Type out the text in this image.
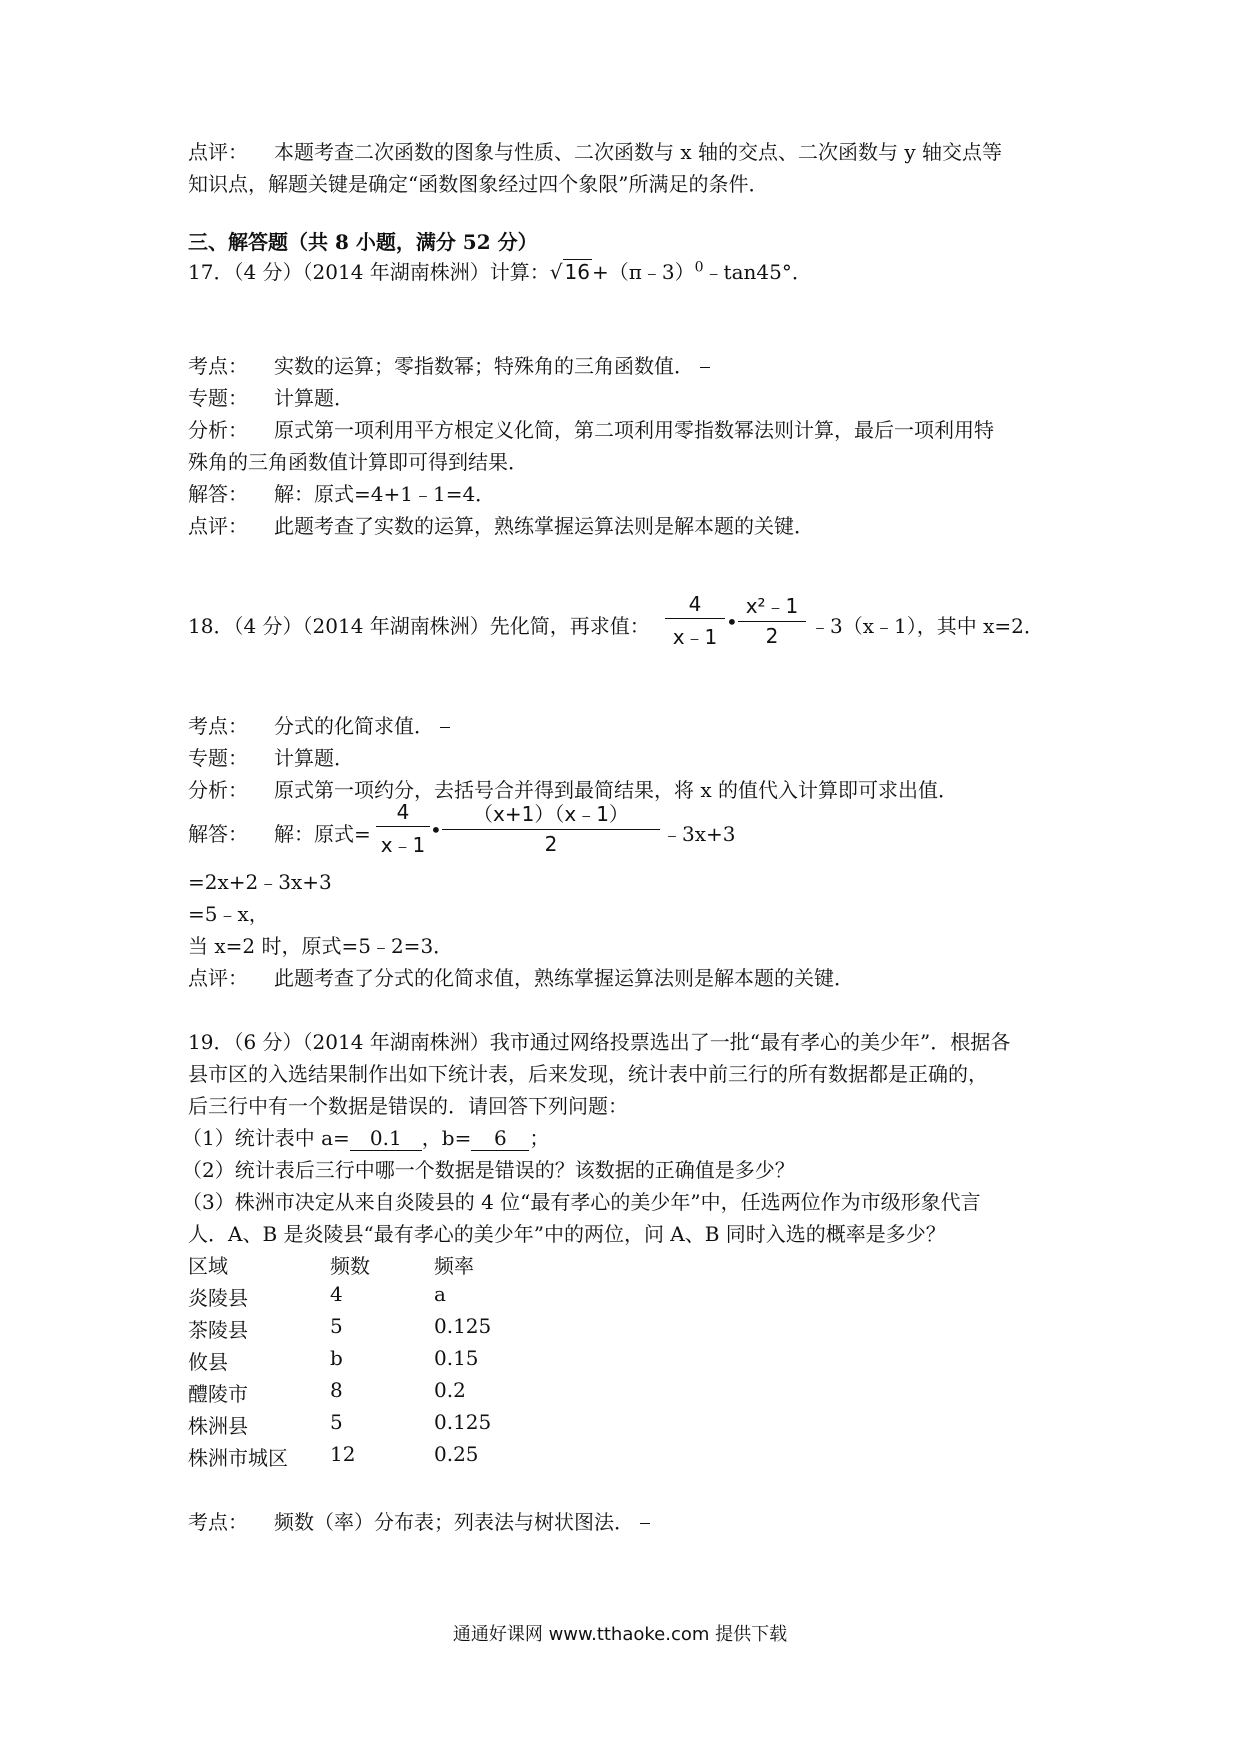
点评： 本题考查二次函数的图象与性质、二次函数与 x 轴的交点、二次函数与 y 轴交点等
知识点，解题关键是确定“函数图象经过四个象限”所满足的条件．
三、解答题（共 8 小题，满分 52 分）
17．（4 分）（2014 年湖南株洲）计算：√ 16 +（π﹣3）$^0$﹣tan45°．
考点： 实数的运算；零指数幂；特殊角的三角函数值．
专题： 计算题．
分析： 原式第一项利用平方根定义化简，第二项利用零指数幂法则计算，最后一项利用特
殊角的三角函数值计算即可得到结果．
解答： 解：原式=4+1﹣1=4．
点评： 此题考查了实数的运算，熟练掌握运算法则是解本题的关键．
18．（4 分）（2014 年湖南株洲）先化简，再求值：
4
x﹣1
•
x²﹣1
2	﹣3（x﹣1），其中 x=2．
考点： 分式的化简求值．
专题： 计算题．
分析： 原式第一项约分，去括号合并得到最简结果，将 x 的值代入计算即可求出值．
解答： 解：原式=
4
x﹣1
•
（x+1）（x﹣1）
2	﹣3x+3
=2x+2﹣3x+3
=5﹣x，
当 x=2 时，原式=5﹣2=3．
点评： 此题考查了分式的化简求值，熟练掌握运算法则是解本题的关键．
19．（6 分）（2014 年湖南株洲）我市通过网络投票选出了一批“最有孝心的美少年”．根据各
县市区的入选结果制作出如下统计表，后来发现，统计表中前三行的所有数据都是正确的，
后三行中有一个数据是错误的．请回答下列问题：
（1）统计表中 a= 0.1 ，b= 6 ；
（2）统计表后三行中哪一个数据是错误的？该数据的正确值是多少？
（3）株洲市决定从来自炎陵县的 4 位“最有孝心的美少年”中，任选两位作为市级形象代言
人．A、B 是炎陵县“最有孝心的美少年”中的两位，问 A、B 同时入选的概率是多少？
区域	频数	频率
炎陵县	4	a
茶陵县	5	0.125
攸县	b	0.15
醴陵市	8	0.2
株洲县	5	0.125
株洲市城区 12	0.25
考点： 频数（率）分布表；列表法与树状图法．
通通好课网 www.tthaoke.com 提供下载
